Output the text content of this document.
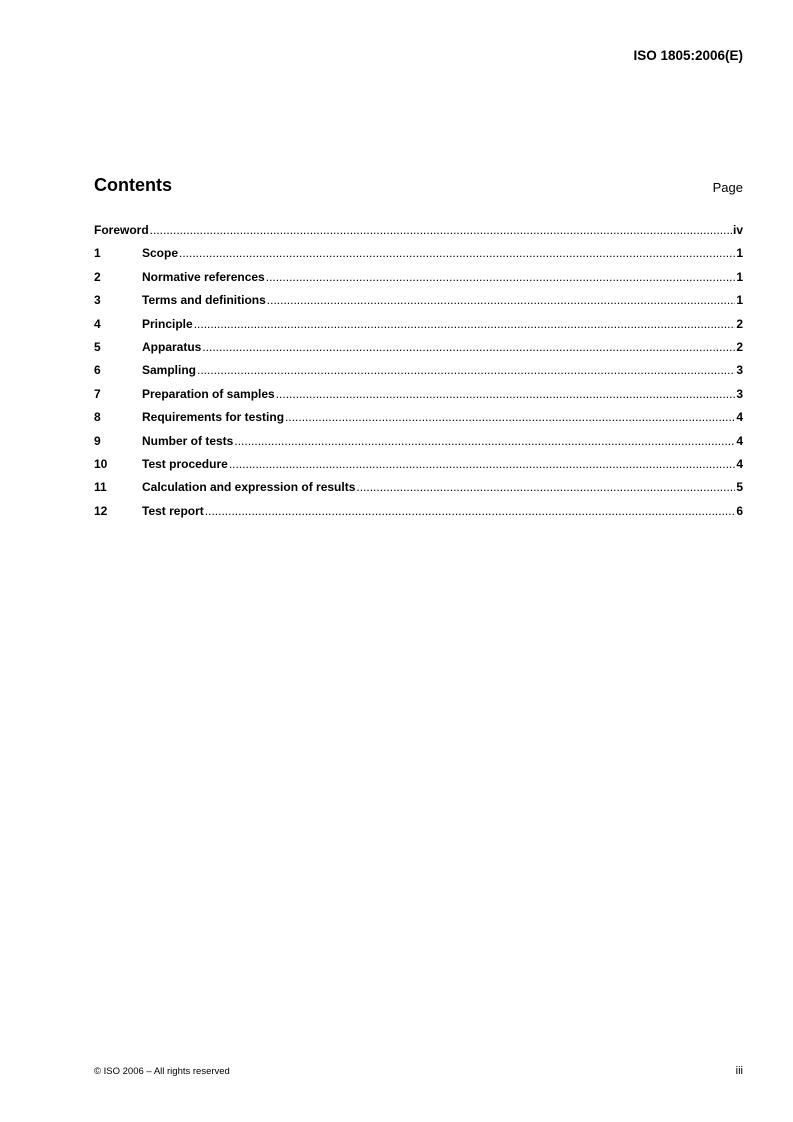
ISO 1805:2006(E)
Contents	Page
Foreword .....	iv
1	Scope .....	1
2	Normative references .....	1
3	Terms and definitions .....	1
4	Principle .....	2
5	Apparatus .....	2
6	Sampling .....	3
7	Preparation of samples .....	3
8	Requirements for testing .....	4
9	Number of tests .....	4
10	Test procedure .....	4
11	Calculation and expression of results .....	5
12	Test report .....	6
© ISO 2006 – All rights reserved	iii
